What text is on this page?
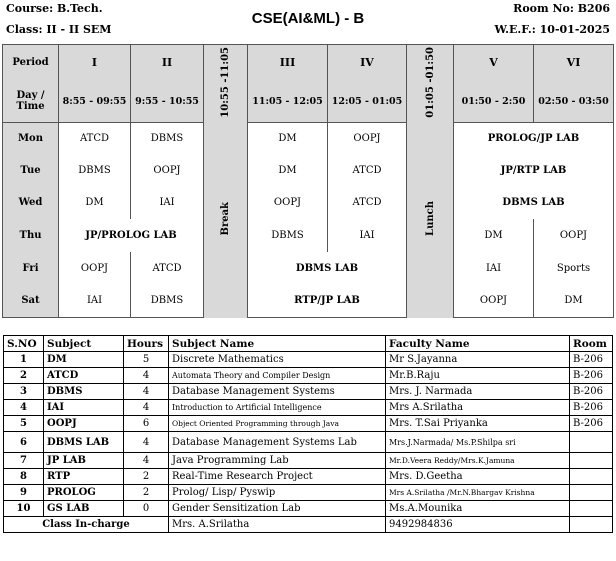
Course: B.Tech.
Class: II - II SEM
CSE(AI&ML) - B
Room No: B206
W.E.F.: 10-01-2025
Period	I	II	10:55 -11:05	III	IV	01:05 -01:50	V	VI
Day / Time	8:55 - 09:55	9:55 - 10:55		11:05 - 12:05	12:05 - 01:05		01:50 - 2:50	02:50 - 03:50
Mon	ATCD	DBMS	Break	DM	OOPJ	Lunch	PROLOG/JP LAB	
Tue	DBMS	OOPJ		DM	ATCD		JP/RTP LAB	
Wed	DM	IAI		OOPJ	ATCD		DBMS LAB	
Thu	JP/PROLOG LAB			DBMS	IAI		DM	OOPJ
Fri	OOPJ	ATCD		DBMS LAB			IAI	Sports
Sat	IAI	DBMS		RTP/JP LAB			OOPJ	DM
S.NO	Subject	Hours	Subject Name	Faculty Name	Room
1	DM	5	Discrete Mathematics	Mr S.Jayanna	B-206
2	ATCD	4	Automata Theory and Compiler Design	Mr.B.Raju	B-206
3	DBMS	4	Database Management Systems	Mrs. J. Narmada	B-206
4	IAI	4	Introduction to Artificial Intelligence	Mrs A.Srilatha	B-206
5	OOPJ	6	Object Oriented Programming through Java	Mrs. T.Sai Priyanka	B-206
6	DBMS LAB	4	Database Management Systems Lab	Mrs.J.Narmada/ Ms.P.Shilpa sri	
7	JP LAB	4	Java Programming Lab	Mr.D.Veera Reddy/Mrs.K.Jamuna	
8	RTP	2	Real-Time Research Project	Mrs. D.Geetha	
9	PROLOG	2	Prolog/ Lisp/ Pyswip	Mrs A.Srilatha /Mr.N.Bhargav Krishna	
10	GS LAB	0	Gender Sensitization Lab	Ms.A.Mounika	
Class In-charge			Mrs. A.Srilatha	9492984836	
